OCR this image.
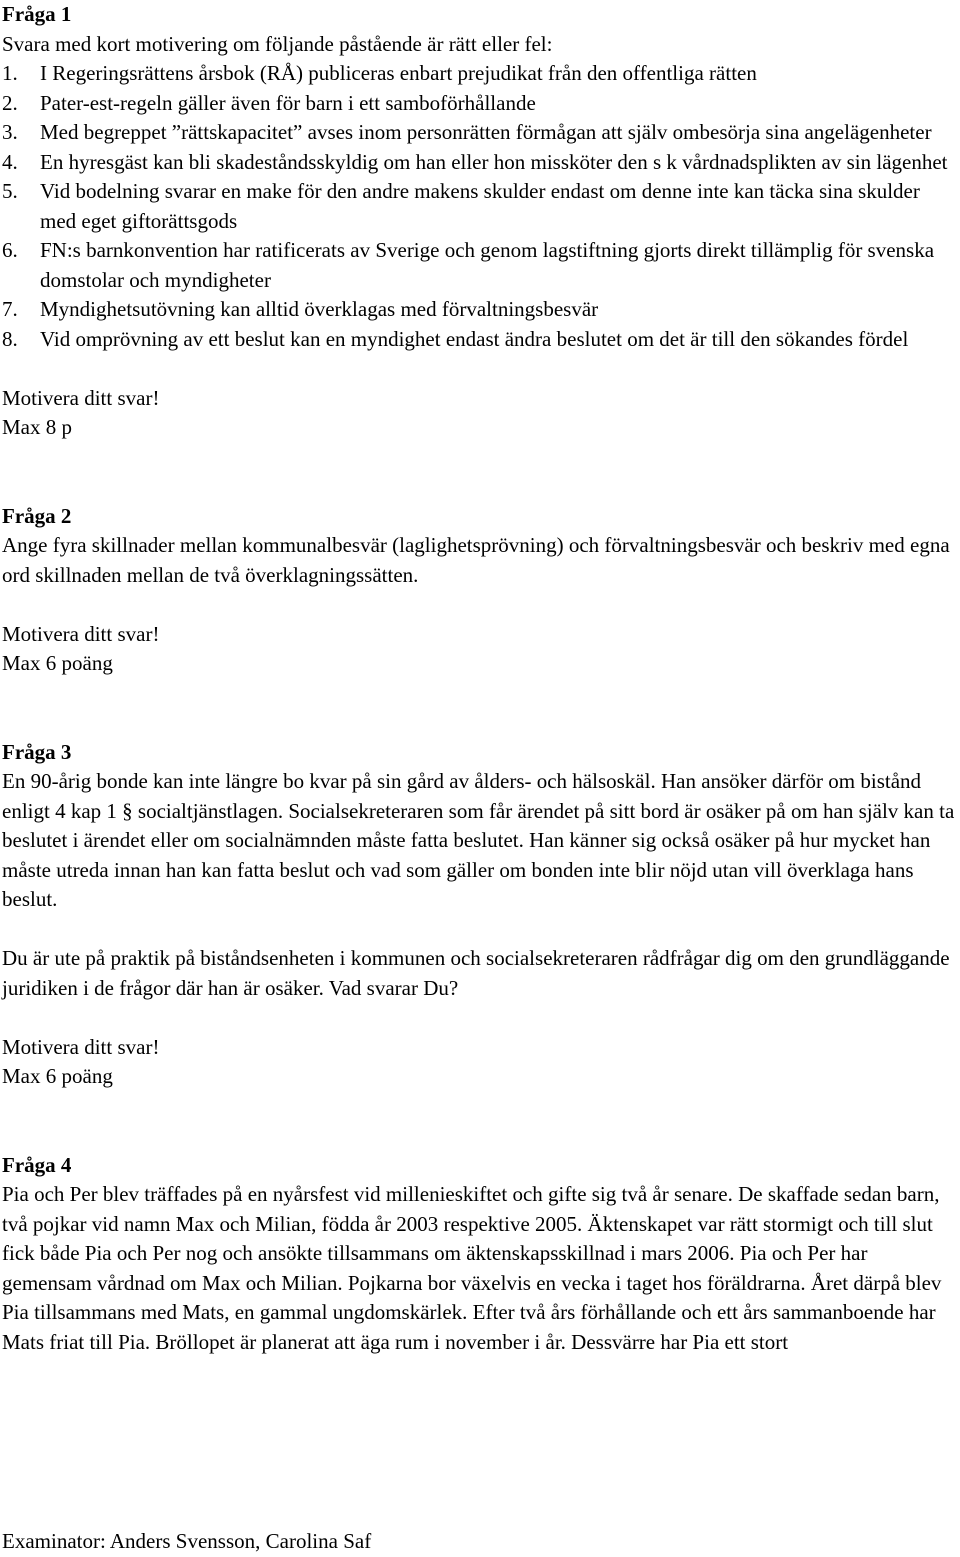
Fråga 1
Svara med kort motivering om följande påstående är rätt eller fel:
1.	I Regeringsrättens årsbok (RÅ) publiceras enbart prejudikat från den offentliga rätten
2.	Pater-est-regeln gäller även för barn i ett samboförhållande
3.	Med begreppet ”rättskapacitet” avses inom personrätten förmågan att själv ombesörja sina angelägenheter
4.	En hyresgäst kan bli skadeståndsskyldig om han eller hon missköter den s k vårdnadsplikten av sin lägenhet
5.	Vid bodelning svarar en make för den andre makens skulder endast om denne inte kan täcka sina skulder med eget giftorättsgods
6.	FN:s barnkonvention har ratificerats av Sverige och genom lagstiftning gjorts direkt tillämplig för svenska domstolar och myndigheter
7.	Myndighetsutövning kan alltid överklagas med förvaltningsbesvär
8.	Vid omprövning av ett beslut kan en myndighet endast ändra beslutet om det är till den sökandes fördel
Motivera ditt svar!
Max 8 p
Fråga 2
Ange fyra skillnader mellan kommunalbesvär (laglighetsprövning) och förvaltningsbesvär och beskriv med egna ord skillnaden mellan de två överklagningssätten.
Motivera ditt svar!
Max 6 poäng
Fråga 3
En 90-årig bonde kan inte längre bo kvar på sin gård av ålders- och hälsoskäl. Han ansöker därför om bistånd enligt 4 kap 1 § socialtjänstlagen. Socialsekreteraren som får ärendet på sitt bord är osäker på om han själv kan ta beslutet i ärendet eller om socialnämnden måste fatta beslutet. Han känner sig också osäker på hur mycket han måste utreda innan han kan fatta beslut och vad som gäller om bonden inte blir nöjd utan vill överklaga hans beslut.
Du är ute på praktik på biståndsenheten i kommunen och socialsekreteraren rådfrågar dig om den grundläggande juridiken i de frågor där han är osäker. Vad svarar Du?
Motivera ditt svar!
Max 6 poäng
Fråga 4
Pia och Per blev träffades på en nyårsfest vid millenieskiftet och gifte sig två år senare. De skaffade sedan barn, två pojkar vid namn Max och Milian, födda år 2003 respektive 2005. Äktenskapet var rätt stormigt och till slut fick både Pia och Per nog och ansökte tillsammans om äktenskapsskillnad i mars 2006. Pia och Per har gemensam vårdnad om Max och Milian. Pojkarna bor växelvis en vecka i taget hos föräldrarna. Året därpå blev Pia tillsammans med Mats, en gammal ungdomskärlek. Efter två års förhållande och ett års sammanboende har Mats friat till Pia. Bröllopet är planerat att äga rum i november i år. Dessvärre har Pia ett stort
Examinator: Anders Svensson, Carolina Saf
